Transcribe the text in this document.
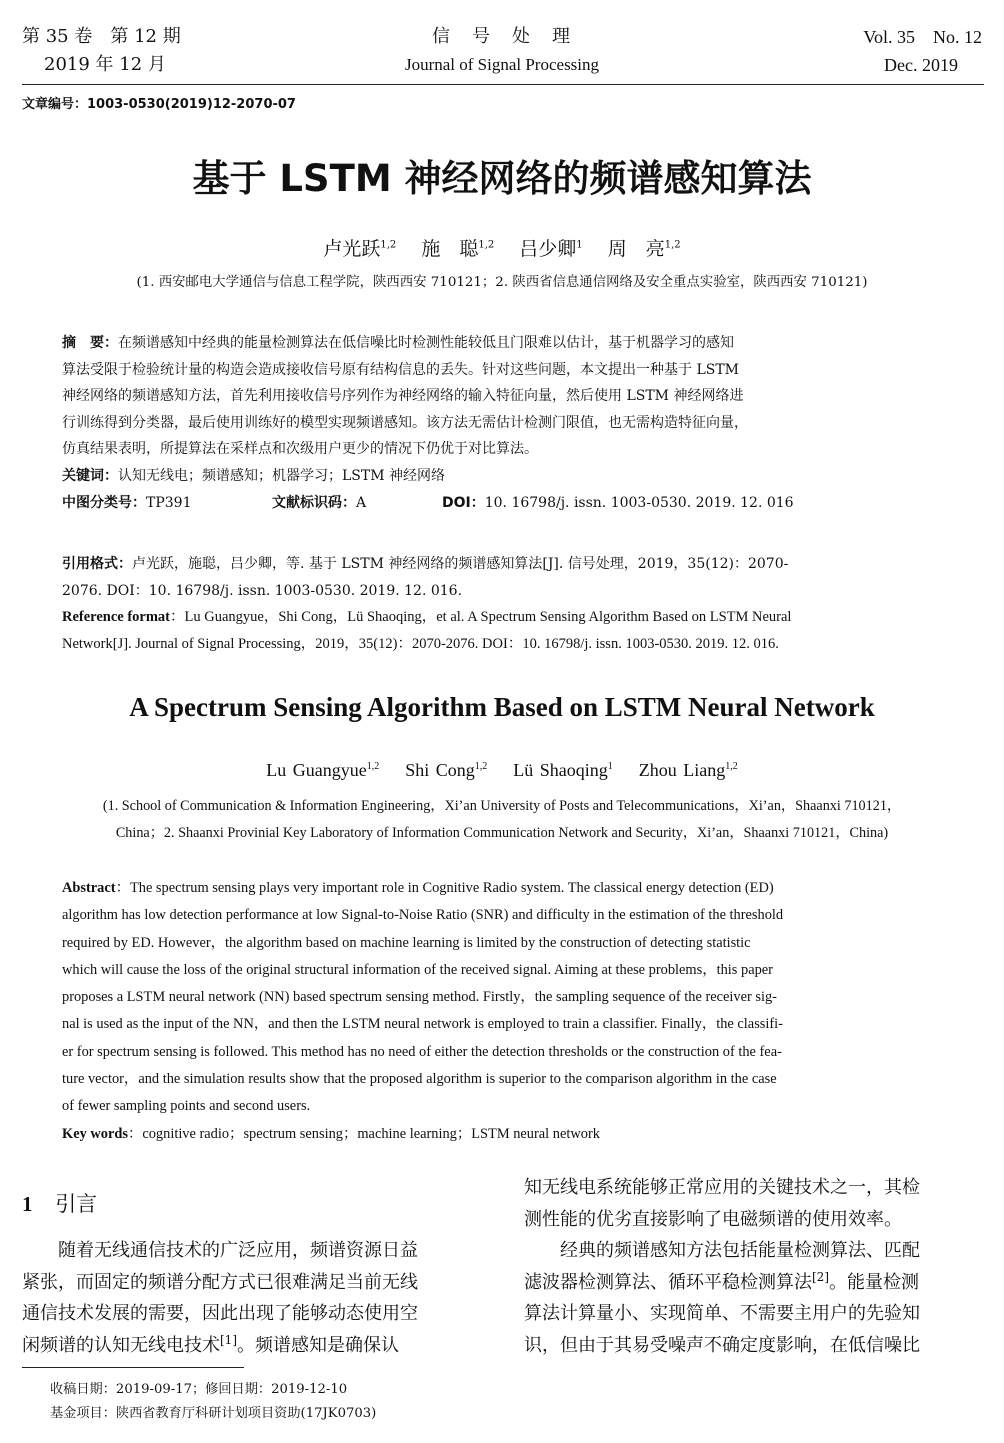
第 35 卷　第 12 期
2019 年 12 月
信　号　处　理
Journal of Signal Processing
Vol. 35　No. 12
Dec. 2019
文章编号：1003-0530(2019)12-2070-07
基于 LSTM 神经网络的频谱感知算法
卢光跃$^{1,2}$ 　 施　聪$^{1,2}$ 　 吕少卿$^1$ 　 周　亮$^{1,2}$
(1. 西安邮电大学通信与信息工程学院，陕西西安 710121；2. 陕西省信息通信网络及安全重点实验室，陕西西安 710121)
摘　要：在频谱感知中经典的能量检测算法在低信噪比时检测性能较低且门限难以估计，基于机器学习的感知
算法受限于检验统计量的构造会造成接收信号原有结构信息的丢失。针对这些问题，本文提出一种基于 LSTM
神经网络的频谱感知方法，首先利用接收信号序列作为神经网络的输入特征向量，然后使用 LSTM 神经网络进
行训练得到分类器，最后使用训练好的模型实现频谱感知。该方法无需估计检测门限值，也无需构造特征向量，
仿真结果表明，所提算法在采样点和次级用户更少的情况下仍优于对比算法。
关键词：认知无线电；频谱感知；机器学习；LSTM 神经网络
中图分类号：TP391	文献标识码：A	DOI：10. 16798/j. issn. 1003-0530. 2019. 12. 016
引用格式：卢光跃，施聪，吕少卿，等. 基于 LSTM 神经网络的频谱感知算法[J]. 信号处理，2019，35(12)：2070-
2076. DOI：10. 16798/j. issn. 1003-0530. 2019. 12. 016.
Reference format：Lu Guangyue，Shi Cong，Lü Shaoqing，et al. A Spectrum Sensing Algorithm Based on LSTM Neural
Network[J]. Journal of Signal Processing，2019，35(12)：2070-2076. DOI：10. 16798/j. issn. 1003-0530. 2019. 12. 016.
A Spectrum Sensing Algorithm Based on LSTM Neural Network
Lu Guangyue$^{1,2}$ Shi Cong$^{1,2}$ Lü Shaoqing$^1$ Zhou Liang$^{1,2}$
(1. School of Communication & Information Engineering，Xi’an University of Posts and Telecommunications，Xi’an，Shaanxi 710121，
China；2. Shaanxi Provinial Key Laboratory of Information Communication Network and Security，Xi’an，Shaanxi 710121，China)
Abstract：The spectrum sensing plays very important role in Cognitive Radio system. The classical energy detection (ED)
algorithm has low detection performance at low Signal-to-Noise Ratio (SNR) and difficulty in the estimation of the threshold
required by ED. However，the algorithm based on machine learning is limited by the construction of detecting statistic
which will cause the loss of the original structural information of the received signal. Aiming at these problems，this paper
proposes a LSTM neural network (NN) based spectrum sensing method. Firstly，the sampling sequence of the receiver sig-
nal is used as the input of the NN，and then the LSTM neural network is employed to train a classifier. Finally，the classifi-
er for spectrum sensing is followed. This method has no need of either the detection thresholds or the construction of the fea-
ture vector，and the simulation results show that the proposed algorithm is superior to the comparison algorithm in the case
of fewer sampling points and second users.
Key words：cognitive radio；spectrum sensing；machine learning；LSTM neural network
1 引言
随着无线通信技术的广泛应用，频谱资源日益
紧张，而固定的频谱分配方式已很难满足当前无线
通信技术发展的需要，因此出现了能够动态使用空
闲频谱的认知无线电技术[1]。频谱感知是确保认
知无线电系统能够正常应用的关键技术之一，其检
测性能的优劣直接影响了电磁频谱的使用效率。
经典的频谱感知方法包括能量检测算法、匹配
滤波器检测算法、循环平稳检测算法[2]。能量检测
算法计算量小、实现简单、不需要主用户的先验知
识，但由于其易受噪声不确定度影响，在低信噪比
收稿日期：2019-09-17；修回日期：2019-12-10
基金项目：陕西省教育厅科研计划项目资助(17JK0703)
